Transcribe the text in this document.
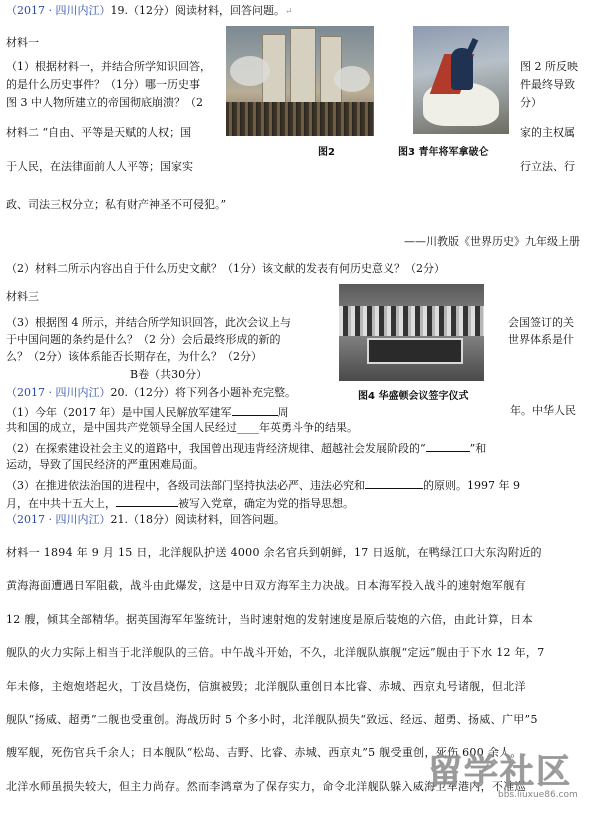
（2017 · 四川内江）19.（12分）阅读材料，回答问题。↵
材料一
（1）根据材料一，并结合所学知识回答，	图 2 所反映
的是什么历史事件？（1分）哪一历史事	件最终导致
图 3 中人物所建立的帝国彻底崩溃？（2	分）
图2	图3 青年将军拿破仑
材料二 “自由、平等是天赋的人权；国	家的主权属
于人民，在法律面前人人平等；国家实	行立法、行
政、司法三权分立；私有财产神圣不可侵犯。”
——川教版《世界历史》九年级上册
（2）材料二所示内容出自于什么历史文献？（1分）该文献的发表有何历史意义？（2分）
材料三
图4 华盛顿会议签字仪式
（3）根据图 4 所示，并结合所学知识回答，此次会议上与	会国签订的关
于中国问题的条约是什么？（2 分）会后最终形成的新的	世界体系是什
么？（2分）该体系能否长期存在，为什么？（2分）
B卷（共30分）
（2017 · 四川内江）20.（12分）将下列各小题补充完整。
（1）今年（2017 年）是中国人民解放军建军	周	年。中华人民
共和国的成立，是中国共产党领导全国人民经过____年英勇斗争的结果。
（2）在探索建设社会主义的道路中，我国曾出现违背经济规律、超越社会发展阶段的“	”和
运动，导致了国民经济的严重困难局面。
（3）在推进依法治国的进程中，各级司法部门坚持执法必严、违法必究和	的原则。1997 年 9
月，在中共十五大上，	被写入党章，确定为党的指导思想。
（2017 · 四川内江）21.（18分）阅读材料，回答问题。
材料一 1894 年 9 月 15 日，北洋舰队护送 4000 余名官兵到朝鲜，17 日返航，在鸭绿江口大东沟附近的
黄海海面遭遇日军阻截，战斗由此爆发，这是中日双方海军主力决战。日本海军投入战斗的速射炮军舰有
12 艘，倾其全部精华。据英国海军年鉴统计，当时速射炮的发射速度是原后装炮的六倍，由此计算，日本
舰队的火力实际上相当于北洋舰队的三倍。中午战斗开始，不久，北洋舰队旗舰“定远”舰由于下水 12 年，7
年未修，主炮炮塔起火，丁汝昌烧伤，信旗被毁；北洋舰队重创日本比睿、赤城、西京丸号诸舰，但北洋
舰队“扬威、超勇”二舰也受重创。海战历时 5 个多小时，北洋舰队损失“致远、经远、超勇、扬威、广甲”5
艘军舰，死伤官兵千余人；日本舰队“松岛、吉野、比睿、赤城、西京丸”5 舰受重创，死伤 600 余人。
北洋水师虽损失较大，但主力尚存。然而李鸿章为了保存实力，命令北洋舰队躲入威海卫军港内，不准巡
留学社区
bbs.liuxue86.com
